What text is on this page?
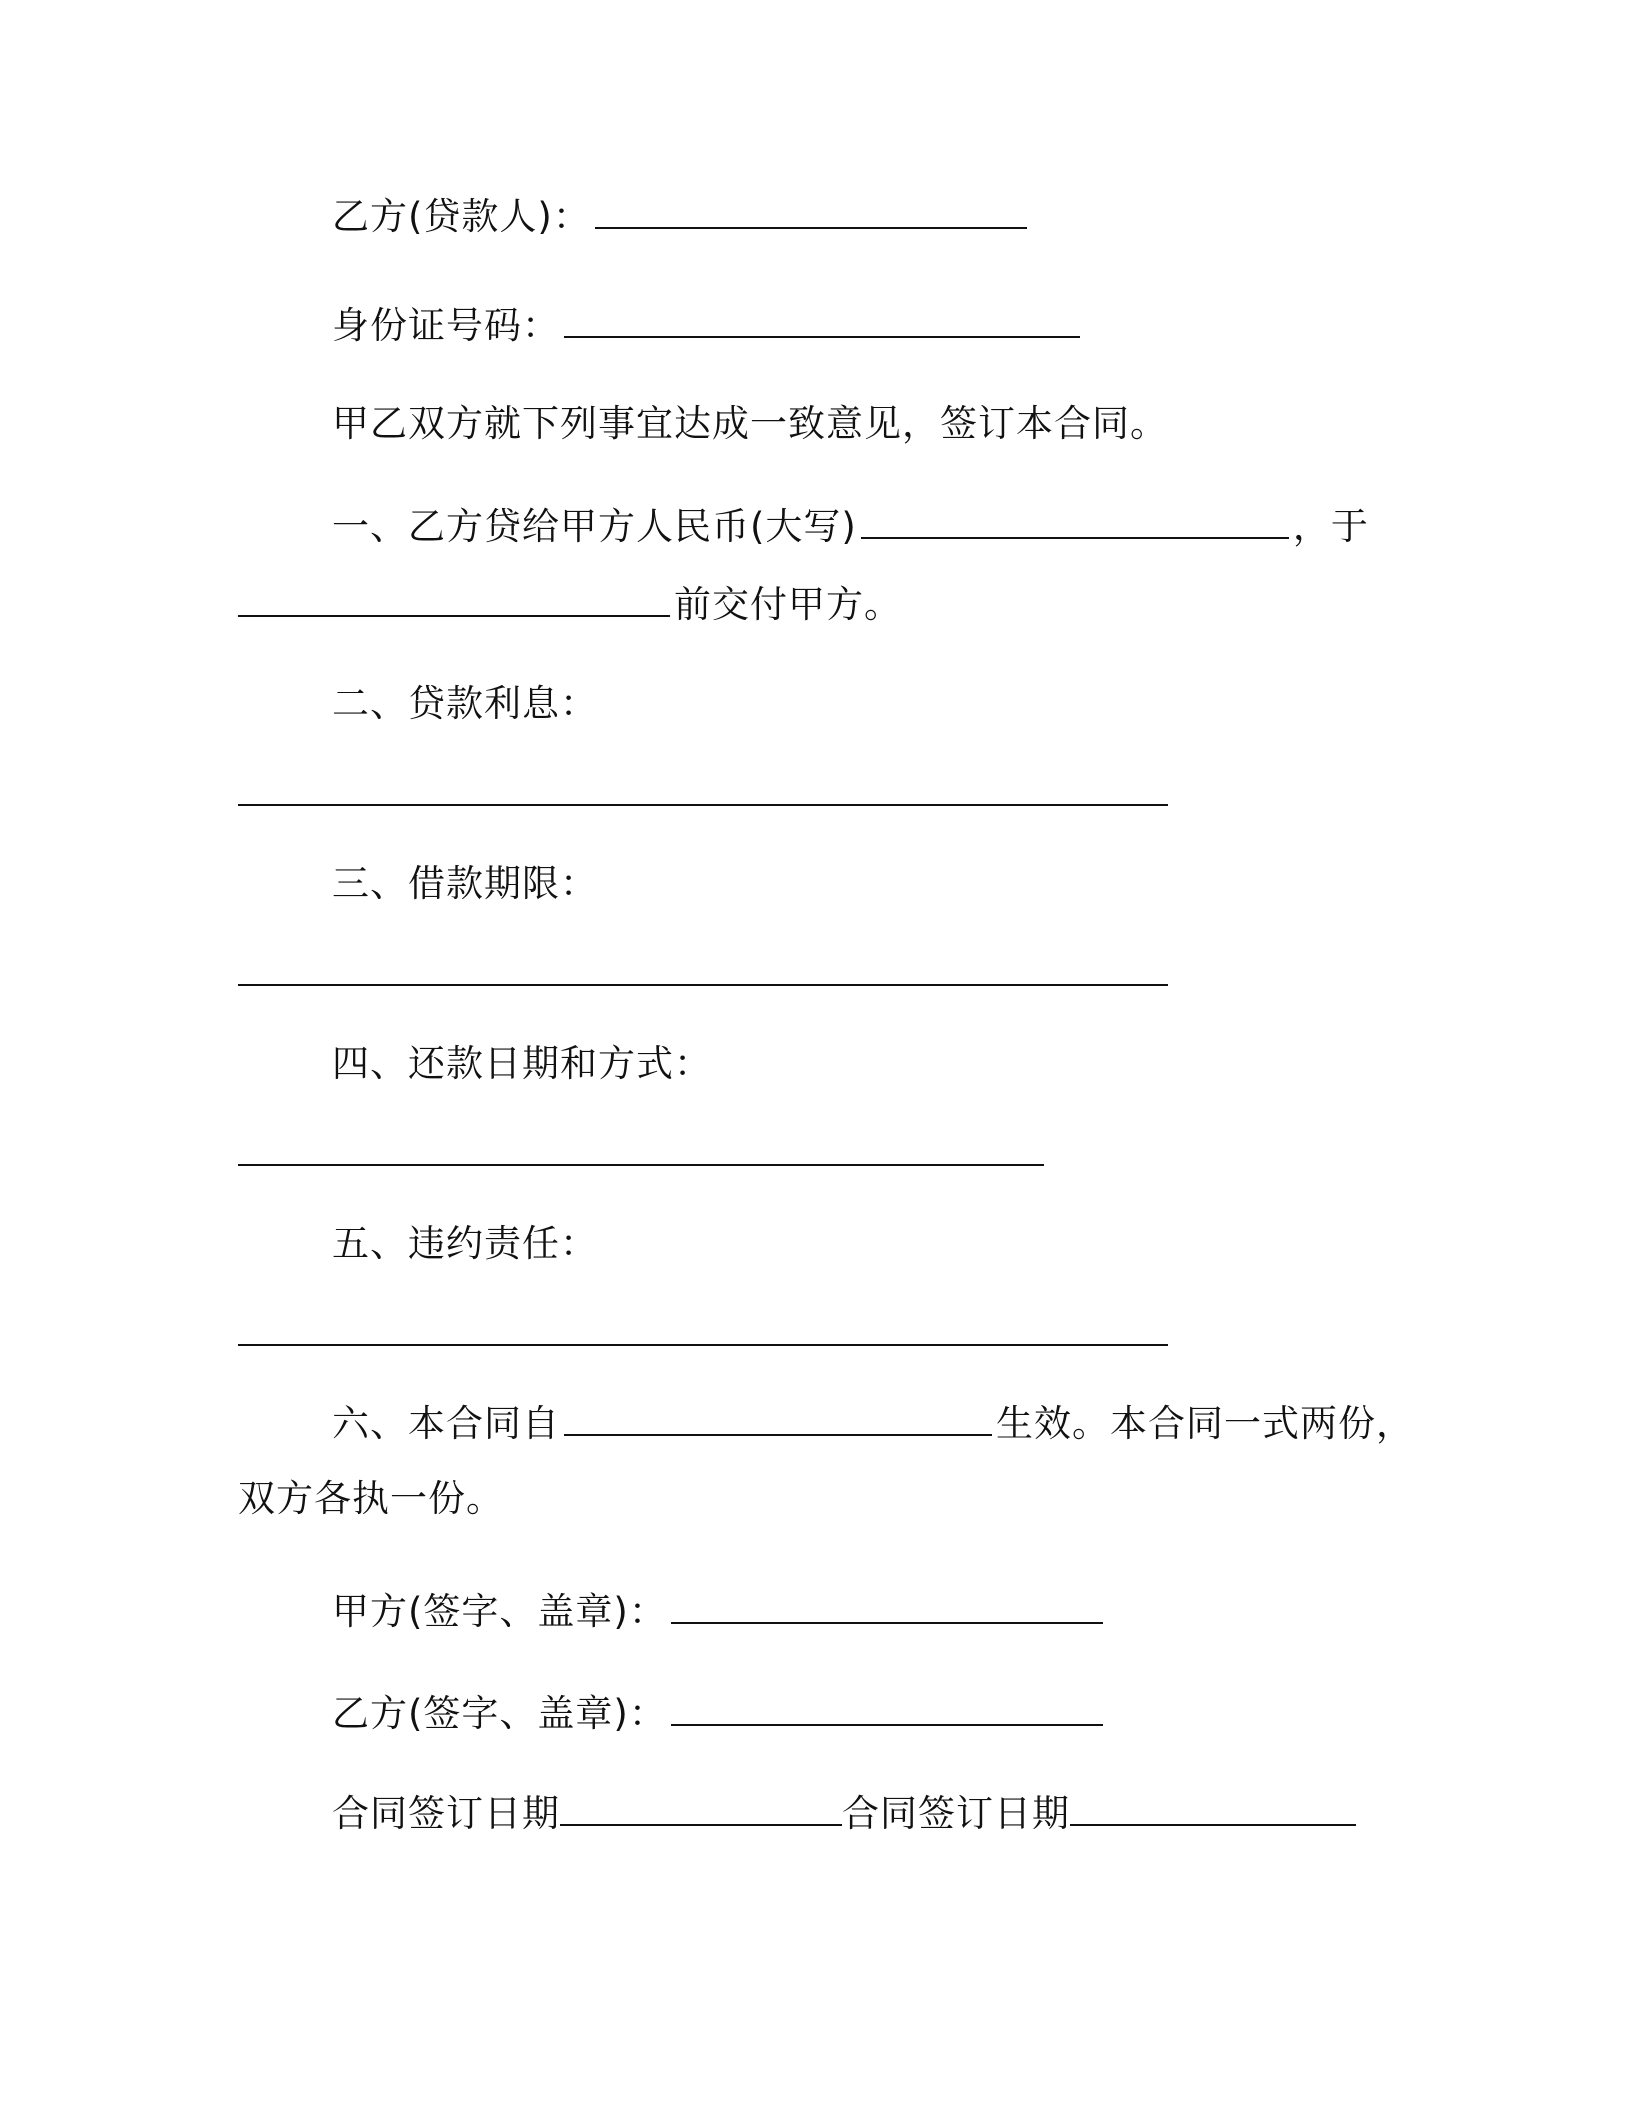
乙方(贷款人)：
身份证号码：
甲乙双方就下列事宜达成一致意见，签订本合同。
一、乙方贷给甲方人民币(大写)	，于
前交付甲方。
二、贷款利息：
三、借款期限：
四、还款日期和方式：
五、违约责任：
六、本合同自	生效。本合同一式两份，
双方各执一份。
甲方(签字、盖章)：
乙方(签字、盖章)：
合同签订日期	合同签订日期
